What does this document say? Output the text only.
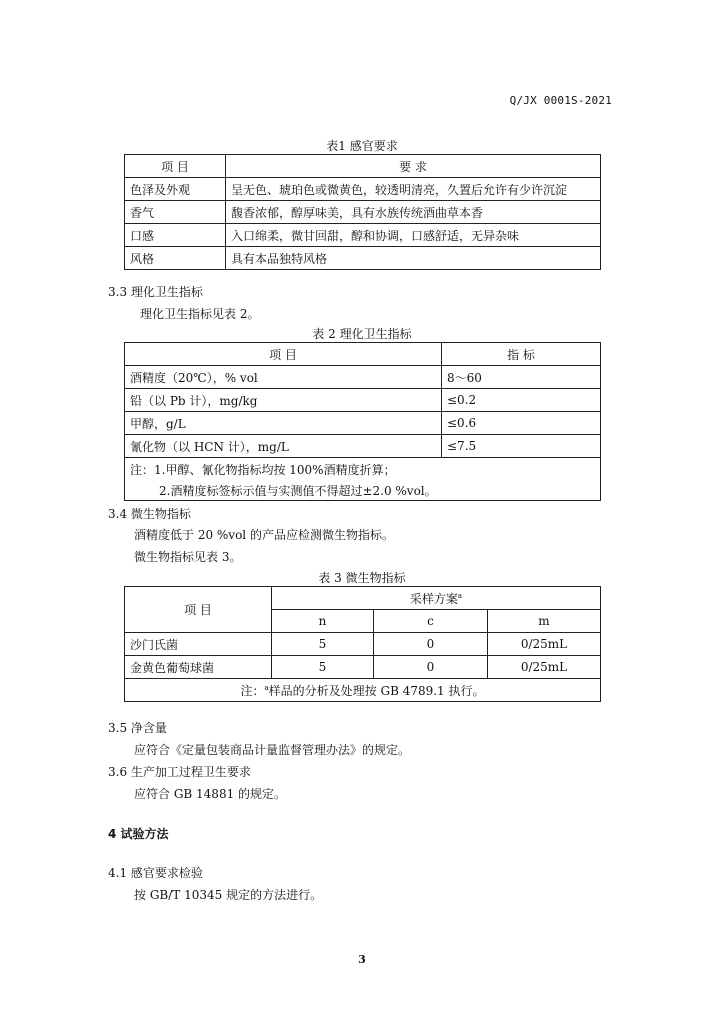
Q/JX 0001S-2021
表1 感官要求
项 目	要 求
色泽及外观	呈无色、琥珀色或微黄色，较透明清亮，久置后允许有少许沉淀
香气	馥香浓郁，醇厚味美，具有水族传统酒曲草本香
口感	入口绵柔，微甘回甜，醇和协调，口感舒适，无异杂味
风格	具有本品独特风格
3.3 理化卫生指标
理化卫生指标见表 2。
表 2 理化卫生指标
项 目	指 标
酒精度（20℃），% vol	8～60
铅（以 Pb 计），mg/kg	≤0.2
甲醇，g/L	≤0.6
氰化物（以 HCN 计），mg/L	≤7.5
注：1.甲醇、氰化物指标均按 100%酒精度折算；	
2.酒精度标签标示值与实测值不得超过±2.0 %vol。	
3.4 微生物指标
酒精度低于 20 %vol 的产品应检测微生物指标。
微生物指标见表 3。
表 3 微生物指标
项 目	采样方案$^a$
	n	c	m
沙门氏菌	5	0	0/25mL
金黄色葡萄球菌	5	0	0/25mL
注：$^a$样品的分析及处理按 GB 4789.1 执行。			
3.5 净含量
应符合《定量包装商品计量监督管理办法》的规定。
3.6 生产加工过程卫生要求
应符合 GB 14881 的规定。
4 试验方法
4.1 感官要求检验
按 GB/T 10345 规定的方法进行。
3
